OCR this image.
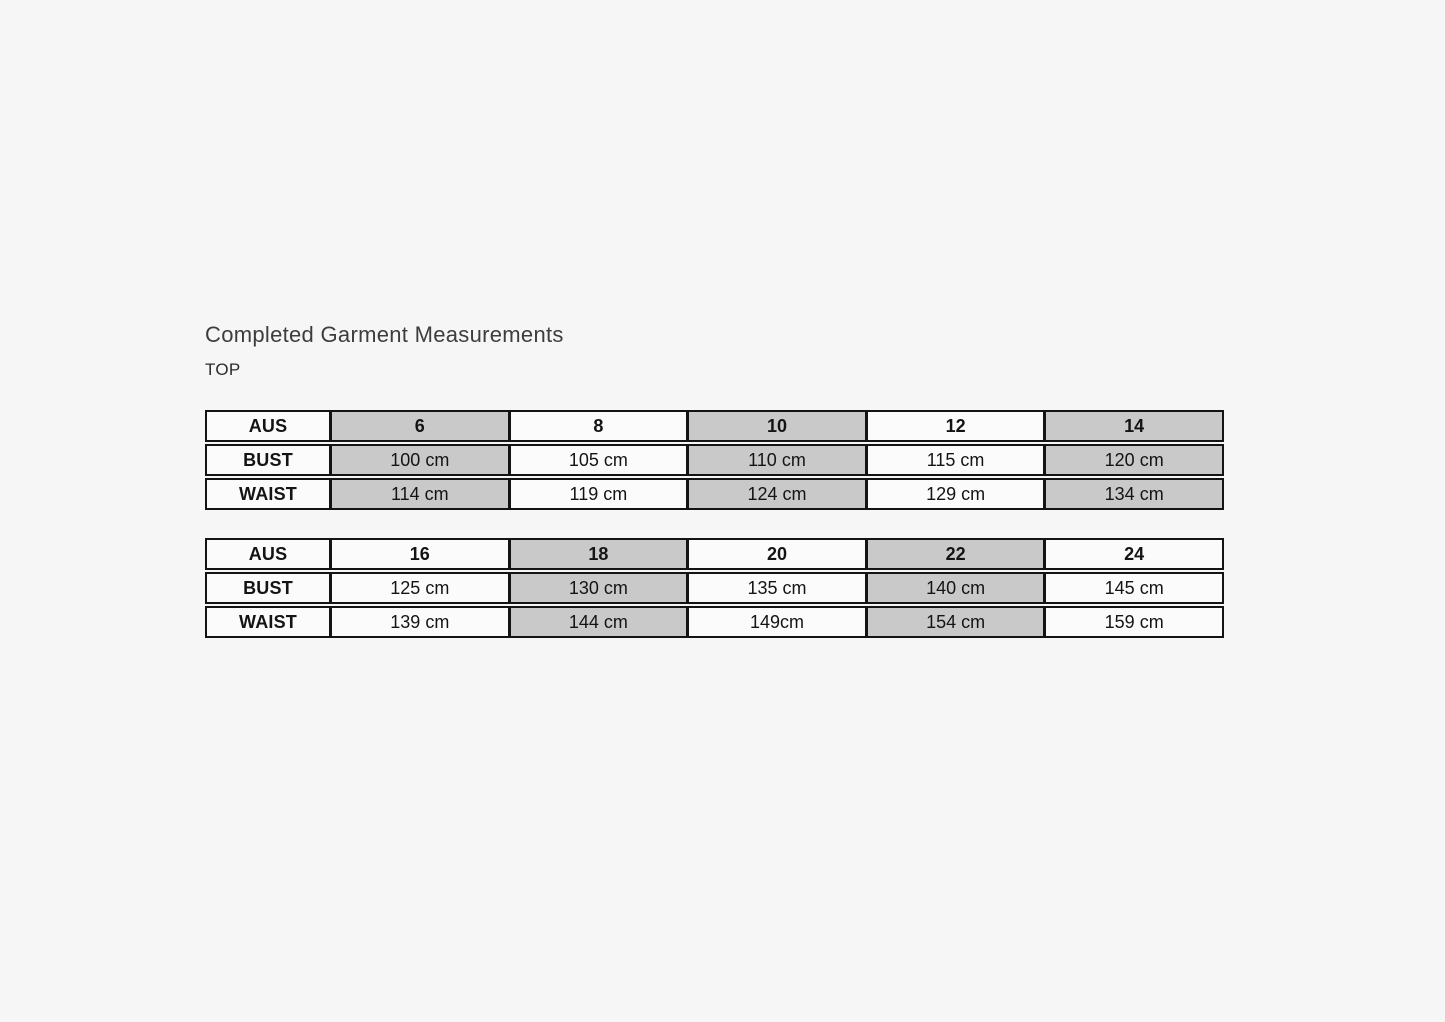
Completed Garment Measurements
TOP
AUS	6	8	10	12	14
BUST	100 cm	105 cm	110 cm	115 cm	120 cm
WAIST	114 cm	119 cm	124 cm	129 cm	134 cm
AUS	16	18	20	22	24
BUST	125 cm	130 cm	135 cm	140 cm	145 cm
WAIST	139 cm	144 cm	149cm	154 cm	159 cm
